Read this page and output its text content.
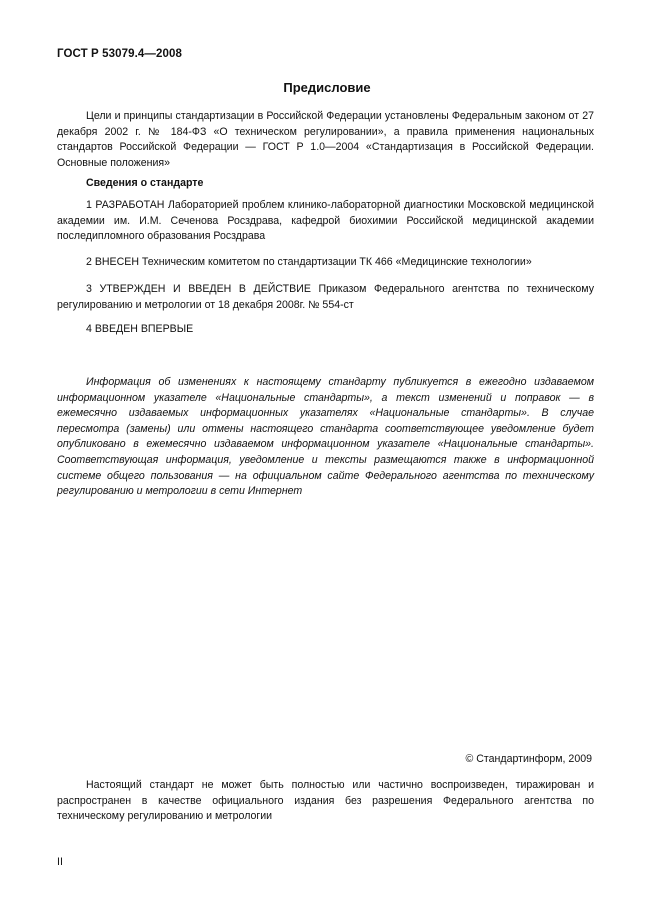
ГОСТ Р 53079.4—2008
Предисловие
Цели и принципы стандартизации в Российской Федерации установлены Федеральным законом от 27 декабря 2002 г. № 184-ФЗ «О техническом регулировании», а правила применения национальных стандартов Российской Федерации — ГОСТ Р 1.0—2004 «Стандартизация в Российской Федерации. Основные положения»
Сведения о стандарте
1 РАЗРАБОТАН Лабораторией проблем клинико-лабораторной диагностики Московской медицинской академии им. И.М. Сеченова Росздрава, кафедрой биохимии Российской медицинской академии последипломного образования Росздрава
2 ВНЕСЕН Техническим комитетом по стандартизации ТК 466 «Медицинские технологии»
3 УТВЕРЖДЕН И ВВЕДЕН В ДЕЙСТВИЕ Приказом Федерального агентства по техническому регулированию и метрологии от 18 декабря 2008г. № 554-ст
4 ВВЕДЕН ВПЕРВЫЕ
Информация об изменениях к настоящему стандарту публикуется в ежегодно издаваемом информационном указателе «Национальные стандарты», а текст изменений и поправок — в ежемесячно издаваемых информационных указателях «Национальные стандарты». В случае пересмотра (замены) или отмены настоящего стандарта соответствующее уведомление будет опубликовано в ежемесячно издаваемом информационном указателе «Национальные стандарты». Соответствующая информация, уведомление и тексты размещаются также в информационной системе общего пользования — на официальном сайте Федерального агентства по техническому регулированию и метрологии в сети Интернет
© Стандартинформ, 2009
Настоящий стандарт не может быть полностью или частично воспроизведен, тиражирован и распространен в качестве официального издания без разрешения Федерального агентства по техническому регулированию и метрологии
II
